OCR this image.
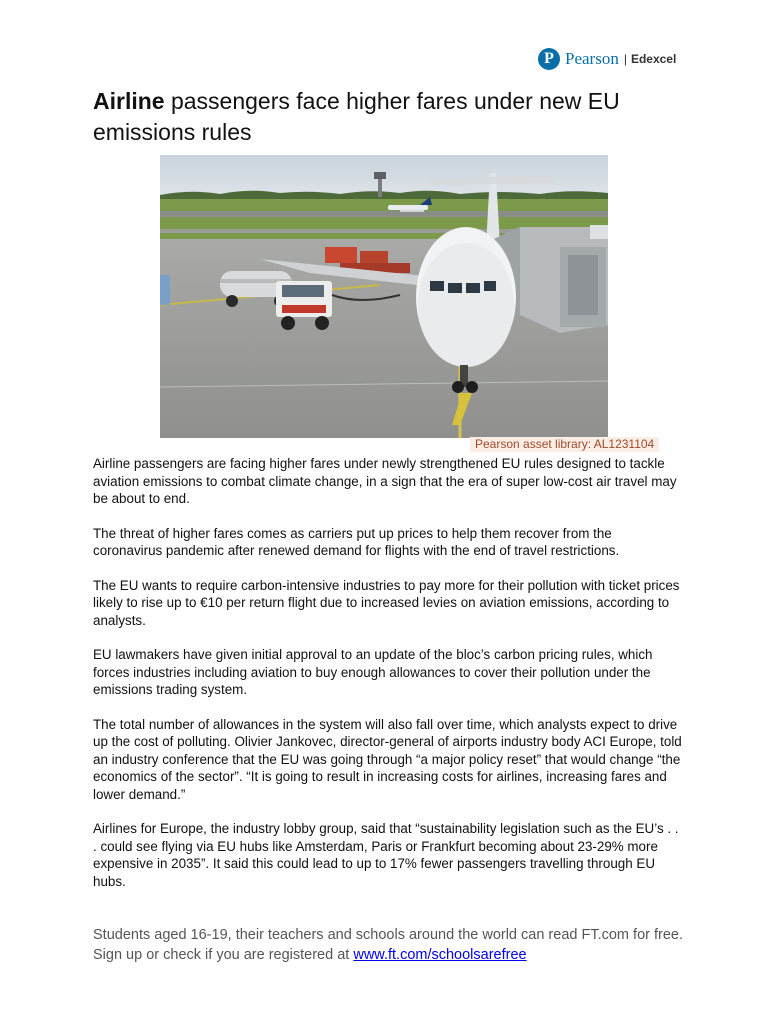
P Pearson | Edexcel
Airline passengers face higher fares under new EU emissions rules
Pearson asset library: AL1231104

Airline passengers are facing higher fares under newly strengthened EU rules designed to tackle aviation emissions to combat climate change, in a sign that the era of super low-cost air travel may be about to end.

The threat of higher fares comes as carriers put up prices to help them recover from the coronavirus pandemic after renewed demand for flights with the end of travel restrictions.

The EU wants to require carbon-intensive industries to pay more for their pollution with ticket prices likely to rise up to €10 per return flight due to increased levies on aviation emissions, according to analysts.

EU lawmakers have given initial approval to an update of the bloc’s carbon pricing rules, which forces industries including aviation to buy enough allowances to cover their pollution under the emissions trading system.

The total number of allowances in the system will also fall over time, which analysts expect to drive up the cost of polluting. Olivier Jankovec, director-general of airports industry body ACI Europe, told an industry conference that the EU was going through “a major policy reset” that would change “the economics of the sector”. “It is going to result in increasing costs for airlines, increasing fares and lower demand.”

Airlines for Europe, the industry lobby group, said that “sustainability legislation such as the EU’s . . . could see flying via EU hubs like Amsterdam, Paris or Frankfurt becoming about 23-29% more expensive in 2035”. It said this could lead to up to 17% fewer passengers travelling through EU hubs.

Students aged 16-19, their teachers and schools around the world can read FT.com for free. Sign up or check if you are registered at www.ft.com/schoolsarefree
